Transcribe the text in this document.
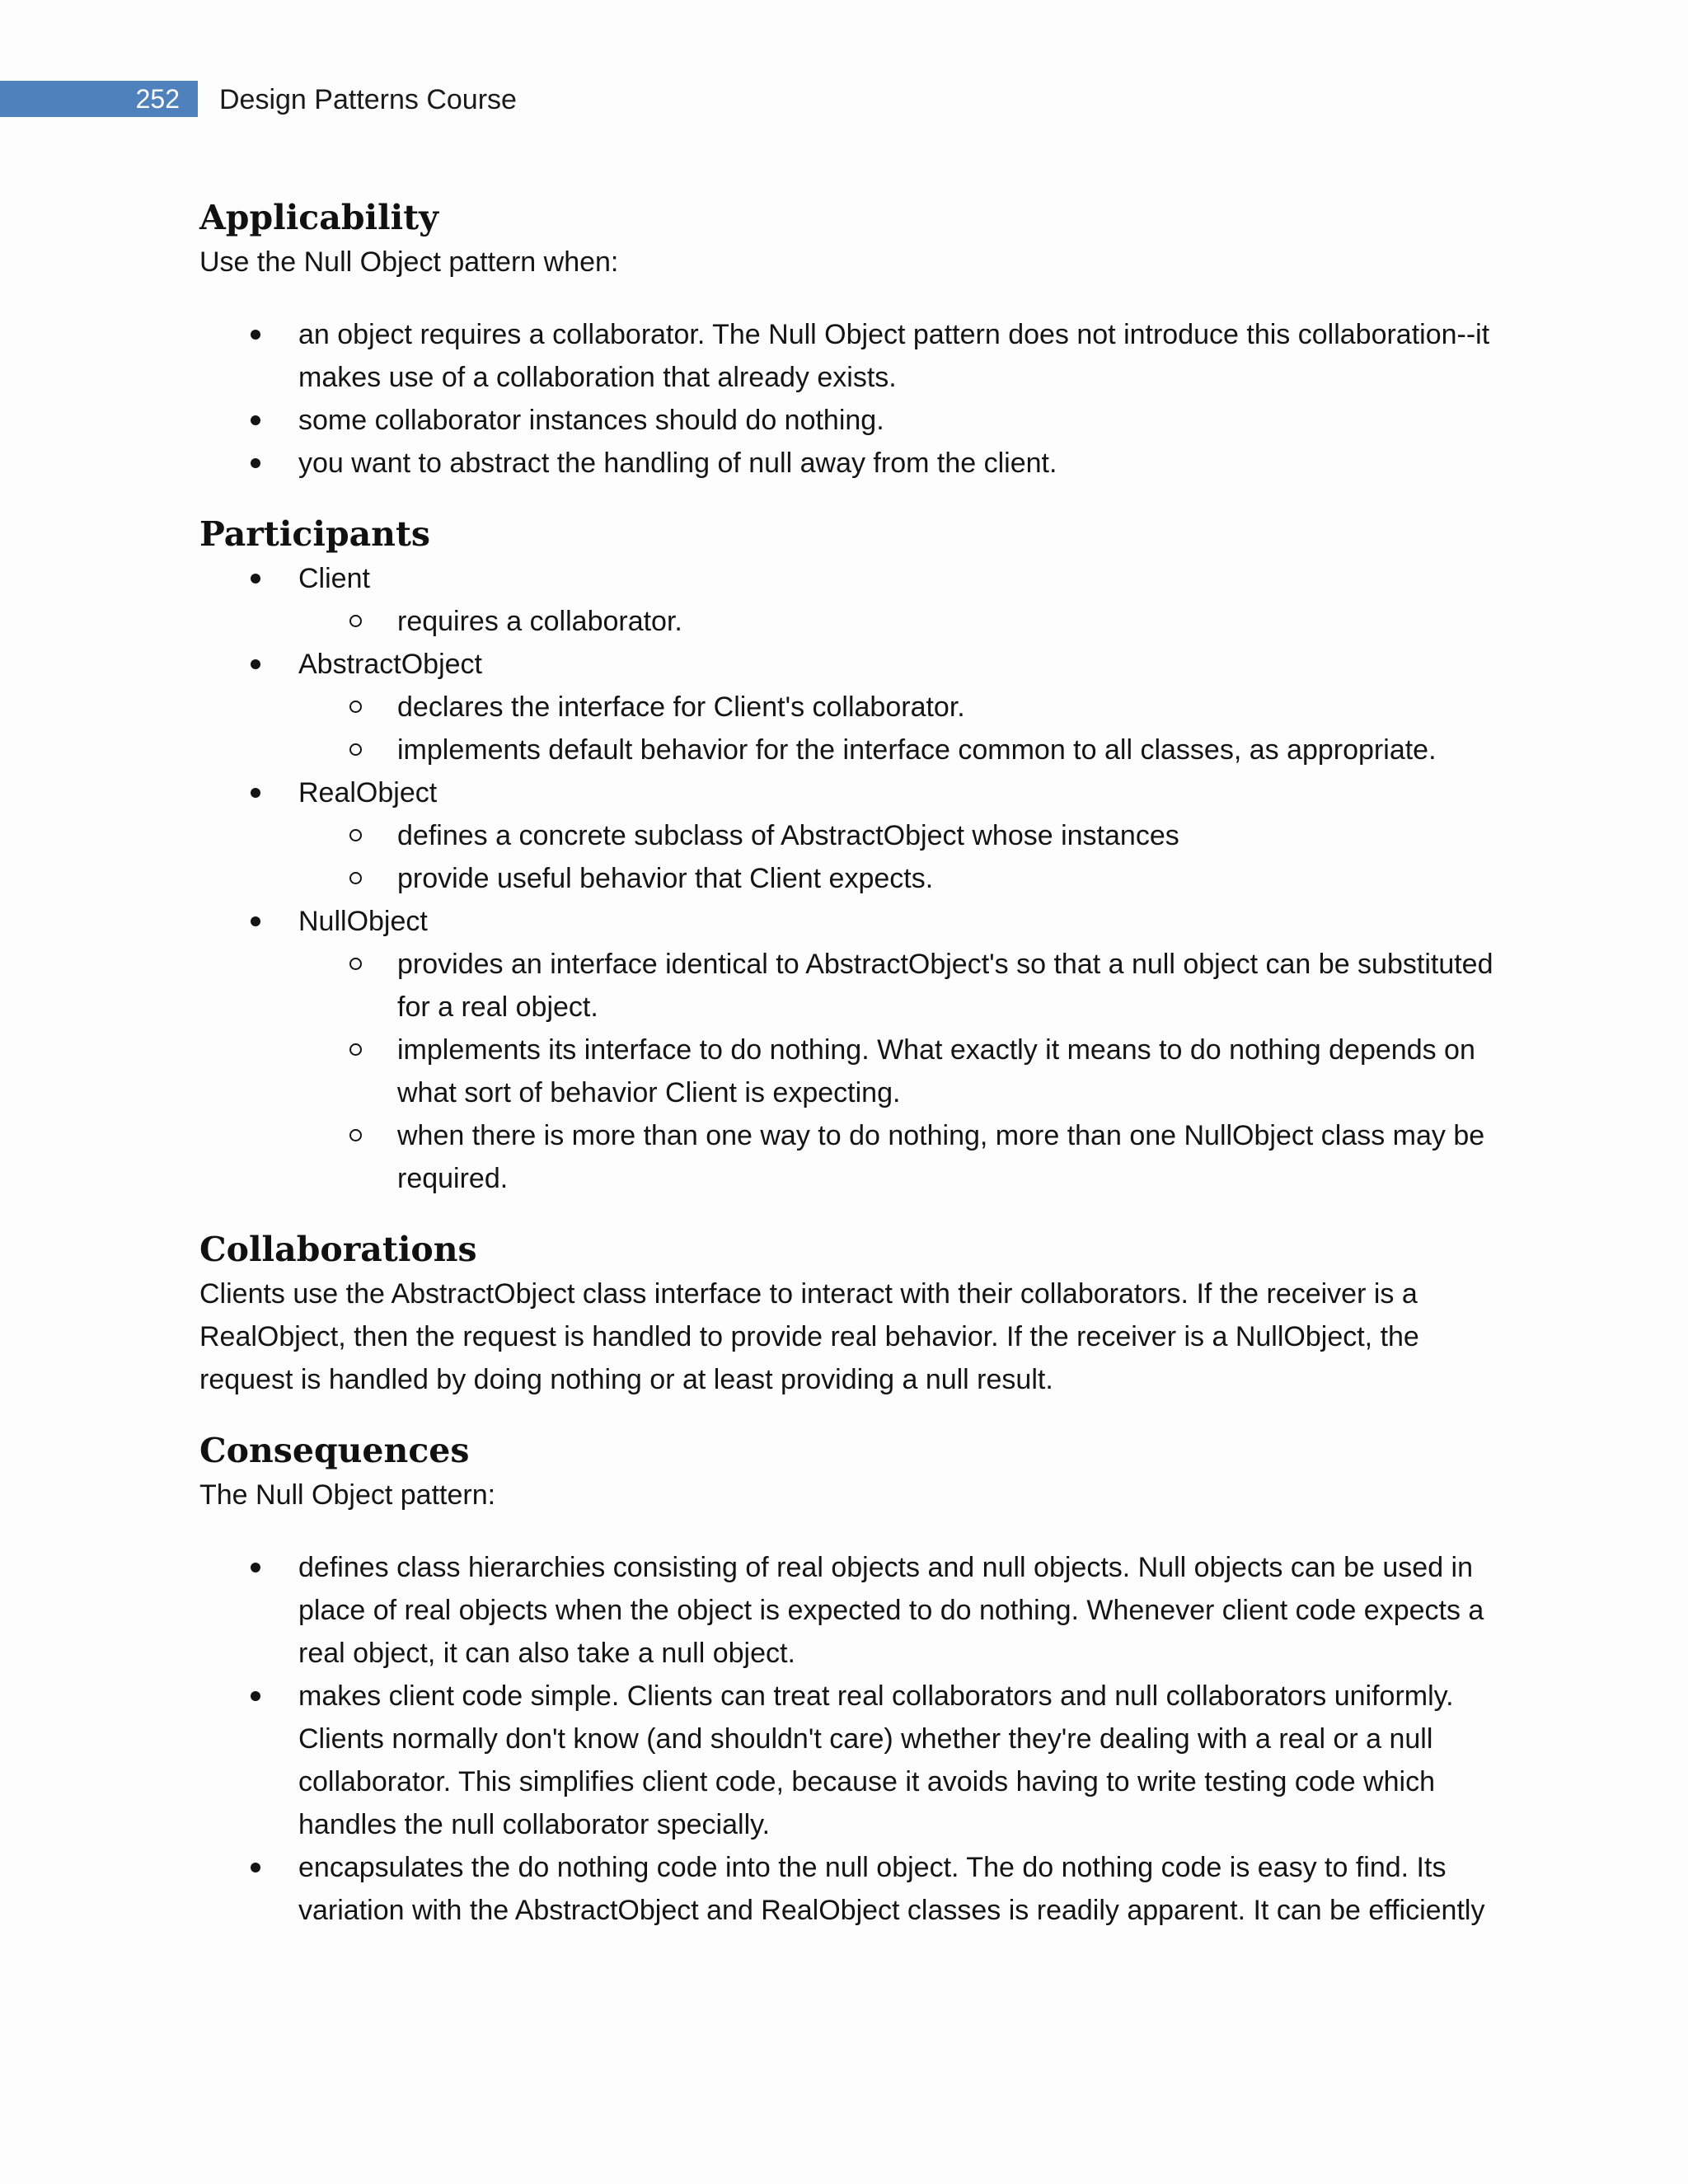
252 Design Patterns Course
Applicability

Use the Null Object pattern when:

an object requires a collaborator. The Null Object pattern does not introduce this collaboration--it makes use of a collaboration that already exists.
some collaborator instances should do nothing.
you want to abstract the handling of null away from the client.
Participants
Client
requires a collaborator.
AbstractObject
declares the interface for Client's collaborator.
implements default behavior for the interface common to all classes, as appropriate.
RealObject
defines a concrete subclass of AbstractObject whose instances
provide useful behavior that Client expects.
NullObject
provides an interface identical to AbstractObject's so that a null object can be substituted for a real object.
implements its interface to do nothing. What exactly it means to do nothing depends on what sort of behavior Client is expecting.
when there is more than one way to do nothing, more than one NullObject class may be required.
Collaborations

Clients use the AbstractObject class interface to interact with their collaborators. If the receiver is a RealObject, then the request is handled to provide real behavior. If the receiver is a NullObject, the request is handled by doing nothing or at least providing a null result.

Consequences

The Null Object pattern:

defines class hierarchies consisting of real objects and null objects. Null objects can be used in place of real objects when the object is expected to do nothing. Whenever client code expects a real object, it can also take a null object.
makes client code simple. Clients can treat real collaborators and null collaborators uniformly. Clients normally don't know (and shouldn't care) whether they're dealing with a real or a null collaborator. This simplifies client code, because it avoids having to write testing code which handles the null collaborator specially.
encapsulates the do nothing code into the null object. The do nothing code is easy to find. Its variation with the AbstractObject and RealObject classes is readily apparent. It can be efficiently
